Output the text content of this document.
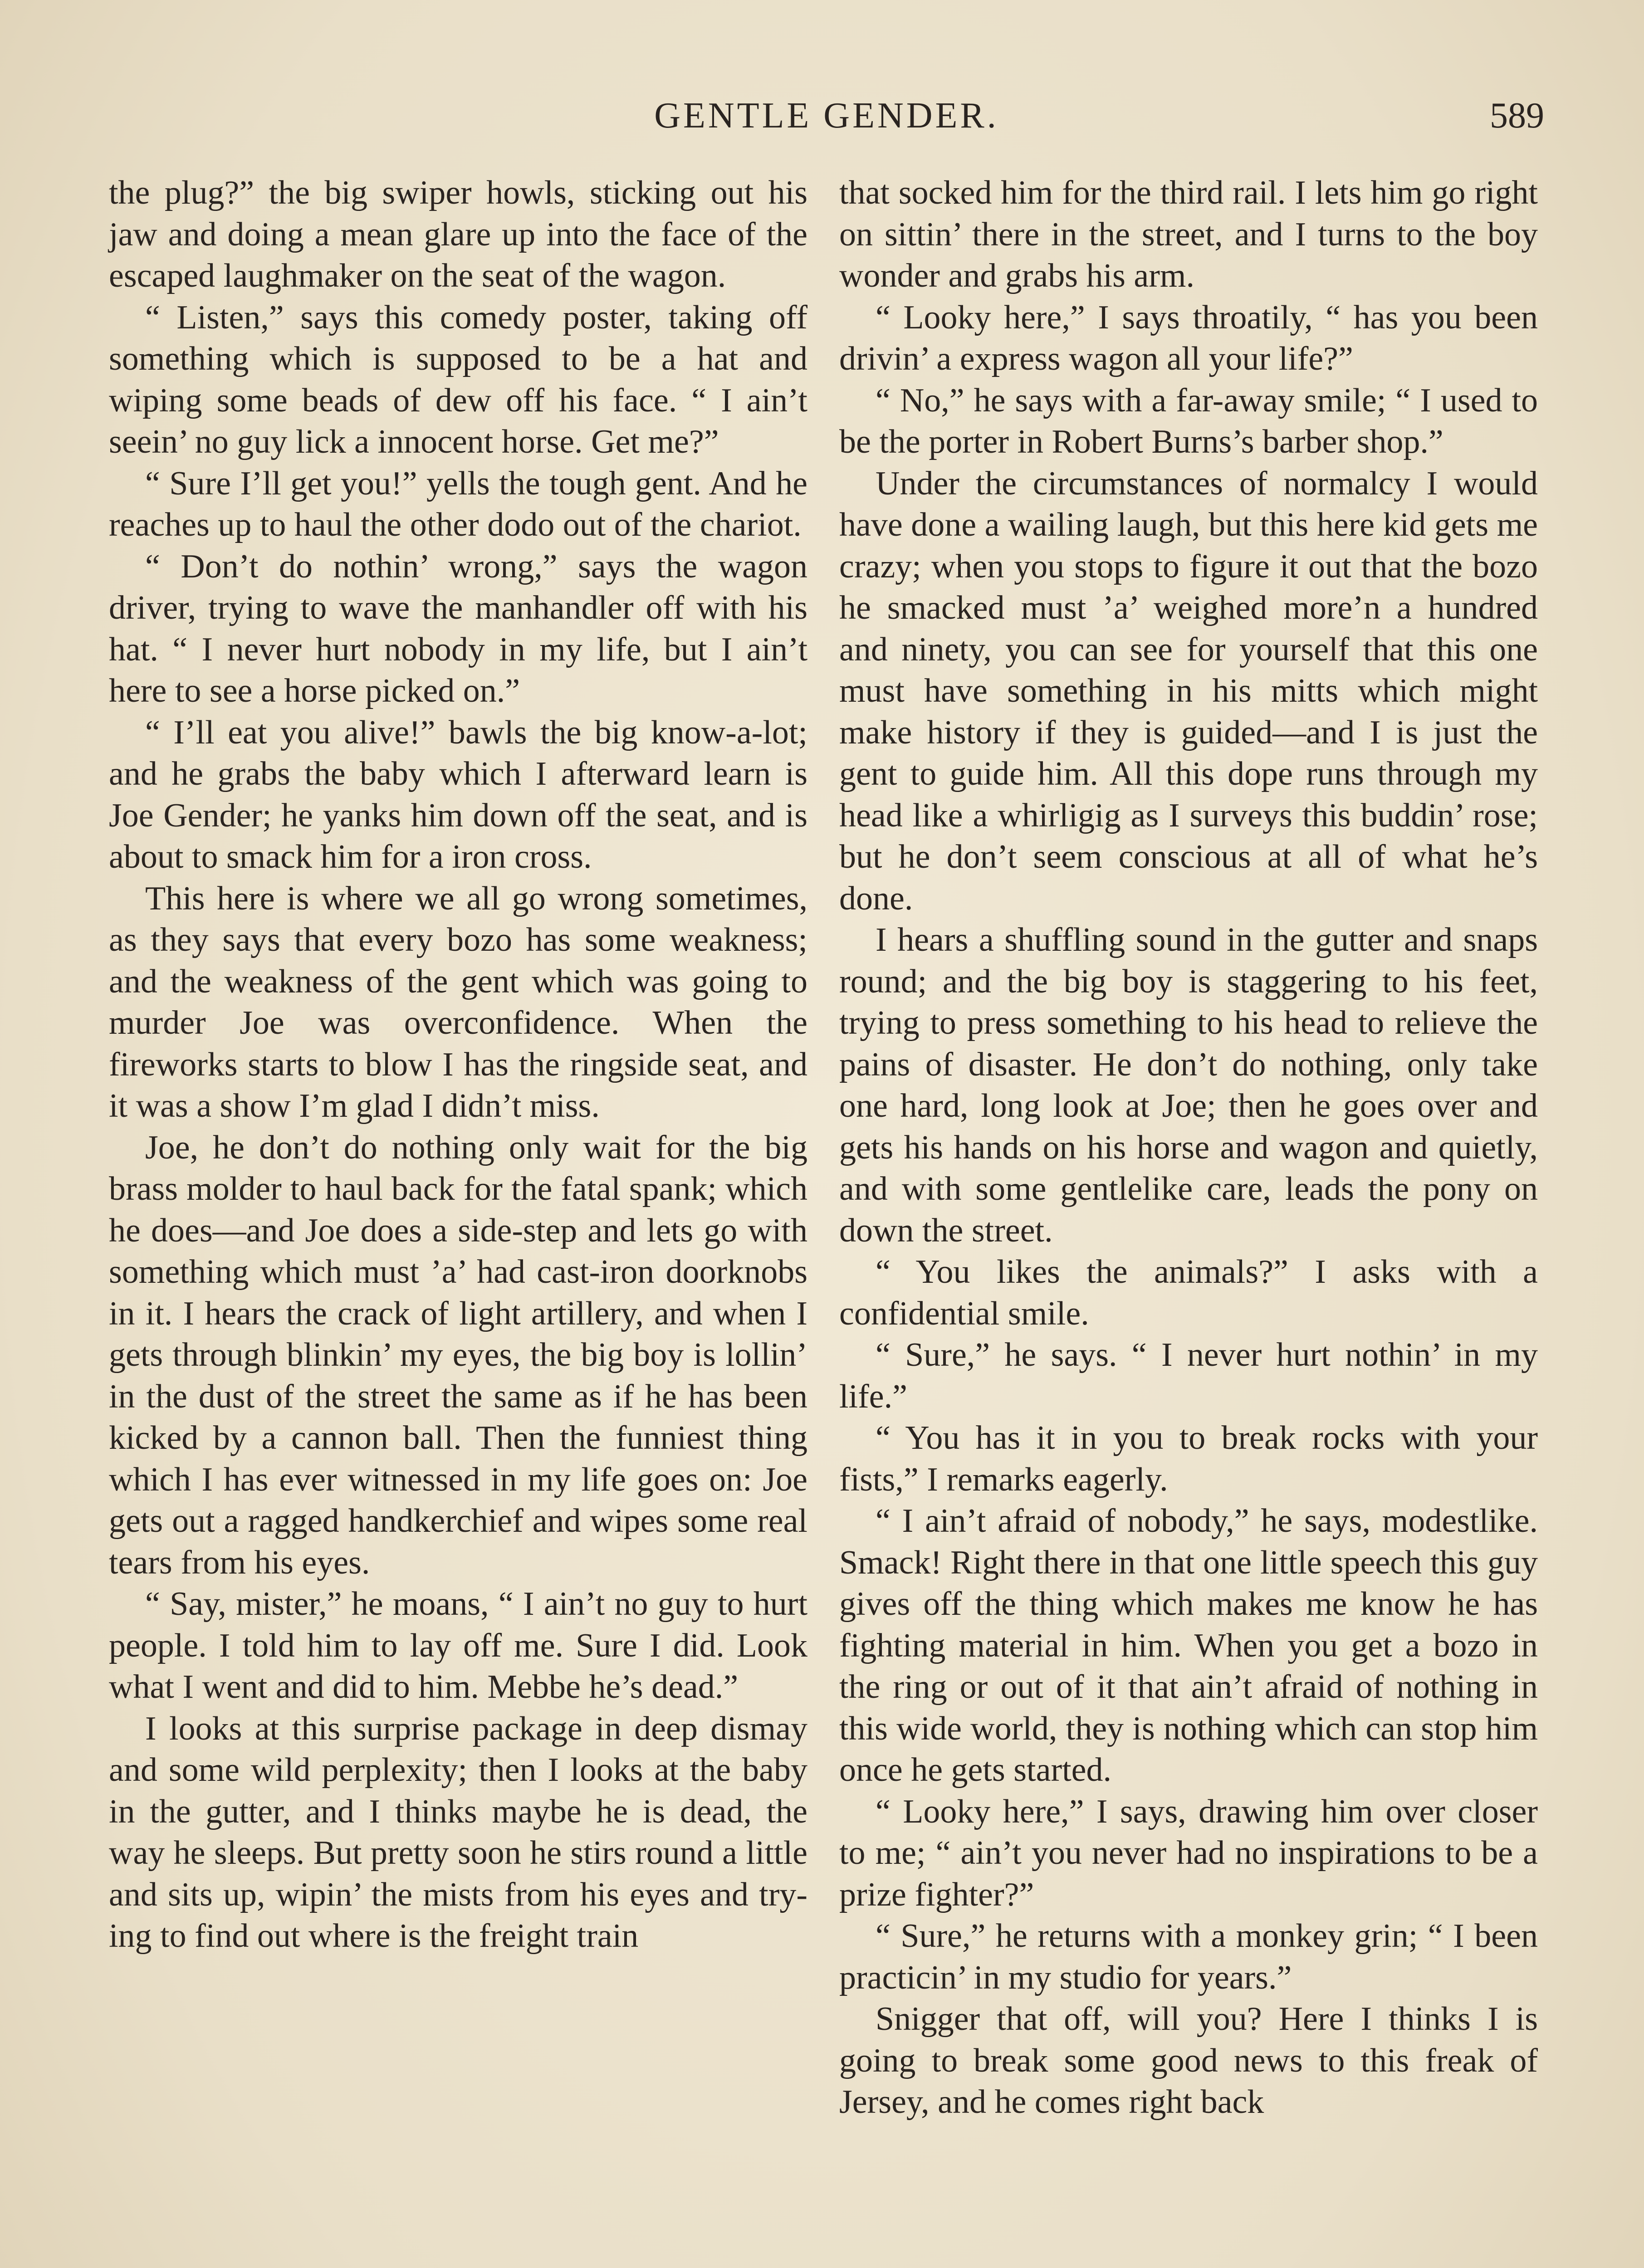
GENTLE GENDER.	589

the plug?” the big swiper howls, sticking out his jaw and doing a mean glare up into the face of the escaped laughmaker on the seat of the wagon.

“ Listen,” says this comedy poster, taking off something which is supposed to be a hat and wiping some beads of dew off his face. “ I ain’t seein’ no guy lick a innocent horse. Get me?”

“ Sure I’ll get you!” yells the tough gent. And he reaches up to haul the other dodo out of the chariot.

“ Don’t do nothin’ wrong,” says the wagon driver, trying to wave the manhandler off with his hat. “ I never hurt nobody in my life, but I ain’t here to see a horse picked on.”

“ I’ll eat you alive!” bawls the big know-a-lot; and he grabs the baby which I afterward learn is Joe Gender; he yanks him down off the seat, and is about to smack him for a iron cross.

This here is where we all go wrong sometimes, as they says that every bozo has some weakness; and the weakness of the gent which was going to murder Joe was overconfidence. When the fireworks starts to blow I has the ringside seat, and it was a show I’m glad I didn’t miss.

Joe, he don’t do nothing only wait for the big brass molder to haul back for the fatal spank; which he does—and Joe does a side-step and lets go with something which must ’a’ had cast-iron doorknobs in it. I hears the crack of light artillery, and when I gets through blinkin’ my eyes, the big boy is lollin’ in the dust of the street the same as if he has been kicked by a cannon ball. Then the funniest thing which I has ever witnessed in my life goes on: Joe gets out a ragged handkerchief and wipes some real tears from his eyes.

“ Say, mister,” he moans, “ I ain’t no guy to hurt people. I told him to lay off me. Sure I did. Look what I went and did to him. Mebbe he’s dead.”

I looks at this surprise package in deep dismay and some wild perplexity; then I looks at the baby in the gutter, and I thinks maybe he is dead, the way he sleeps. But pretty soon he stirs round a little and sits up, wipin’ the mists from his eyes and trying to find out where is the freight train

that socked him for the third rail. I lets him go right on sittin’ there in the street, and I turns to the boy wonder and grabs his arm.

“ Looky here,” I says throatily, “ has you been drivin’ a express wagon all your life?”

“ No,” he says with a far-away smile; “ I used to be the porter in Robert Burns’s barber shop.”

Under the circumstances of normalcy I would have done a wailing laugh, but this here kid gets me crazy; when you stops to figure it out that the bozo he smacked must ’a’ weighed more’n a hundred and ninety, you can see for yourself that this one must have something in his mitts which might make history if they is guided—and I is just the gent to guide him. All this dope runs through my head like a whirligig as I surveys this buddin’ rose; but he don’t seem conscious at all of what he’s done.

I hears a shuffling sound in the gutter and snaps round; and the big boy is staggering to his feet, trying to press something to his head to relieve the pains of disaster. He don’t do nothing, only take one hard, long look at Joe; then he goes over and gets his hands on his horse and wagon and quietly, and with some gentlelike care, leads the pony on down the street.

“ You likes the animals?” I asks with a confidential smile.

“ Sure,” he says. “ I never hurt nothin’ in my life.”

“ You has it in you to break rocks with your fists,” I remarks eagerly.

“ I ain’t afraid of nobody,” he says, modestlike. Smack! Right there in that one little speech this guy gives off the thing which makes me know he has fighting material in him. When you get a bozo in the ring or out of it that ain’t afraid of nothing in this wide world, they is nothing which can stop him once he gets started.

“ Looky here,” I says, drawing him over closer to me; “ ain’t you never had no inspirations to be a prize fighter?”

“ Sure,” he returns with a monkey grin; “ I been practicin’ in my studio for years.”

Snigger that off, will you? Here I thinks I is going to break some good news to this freak of Jersey, and he comes right back
